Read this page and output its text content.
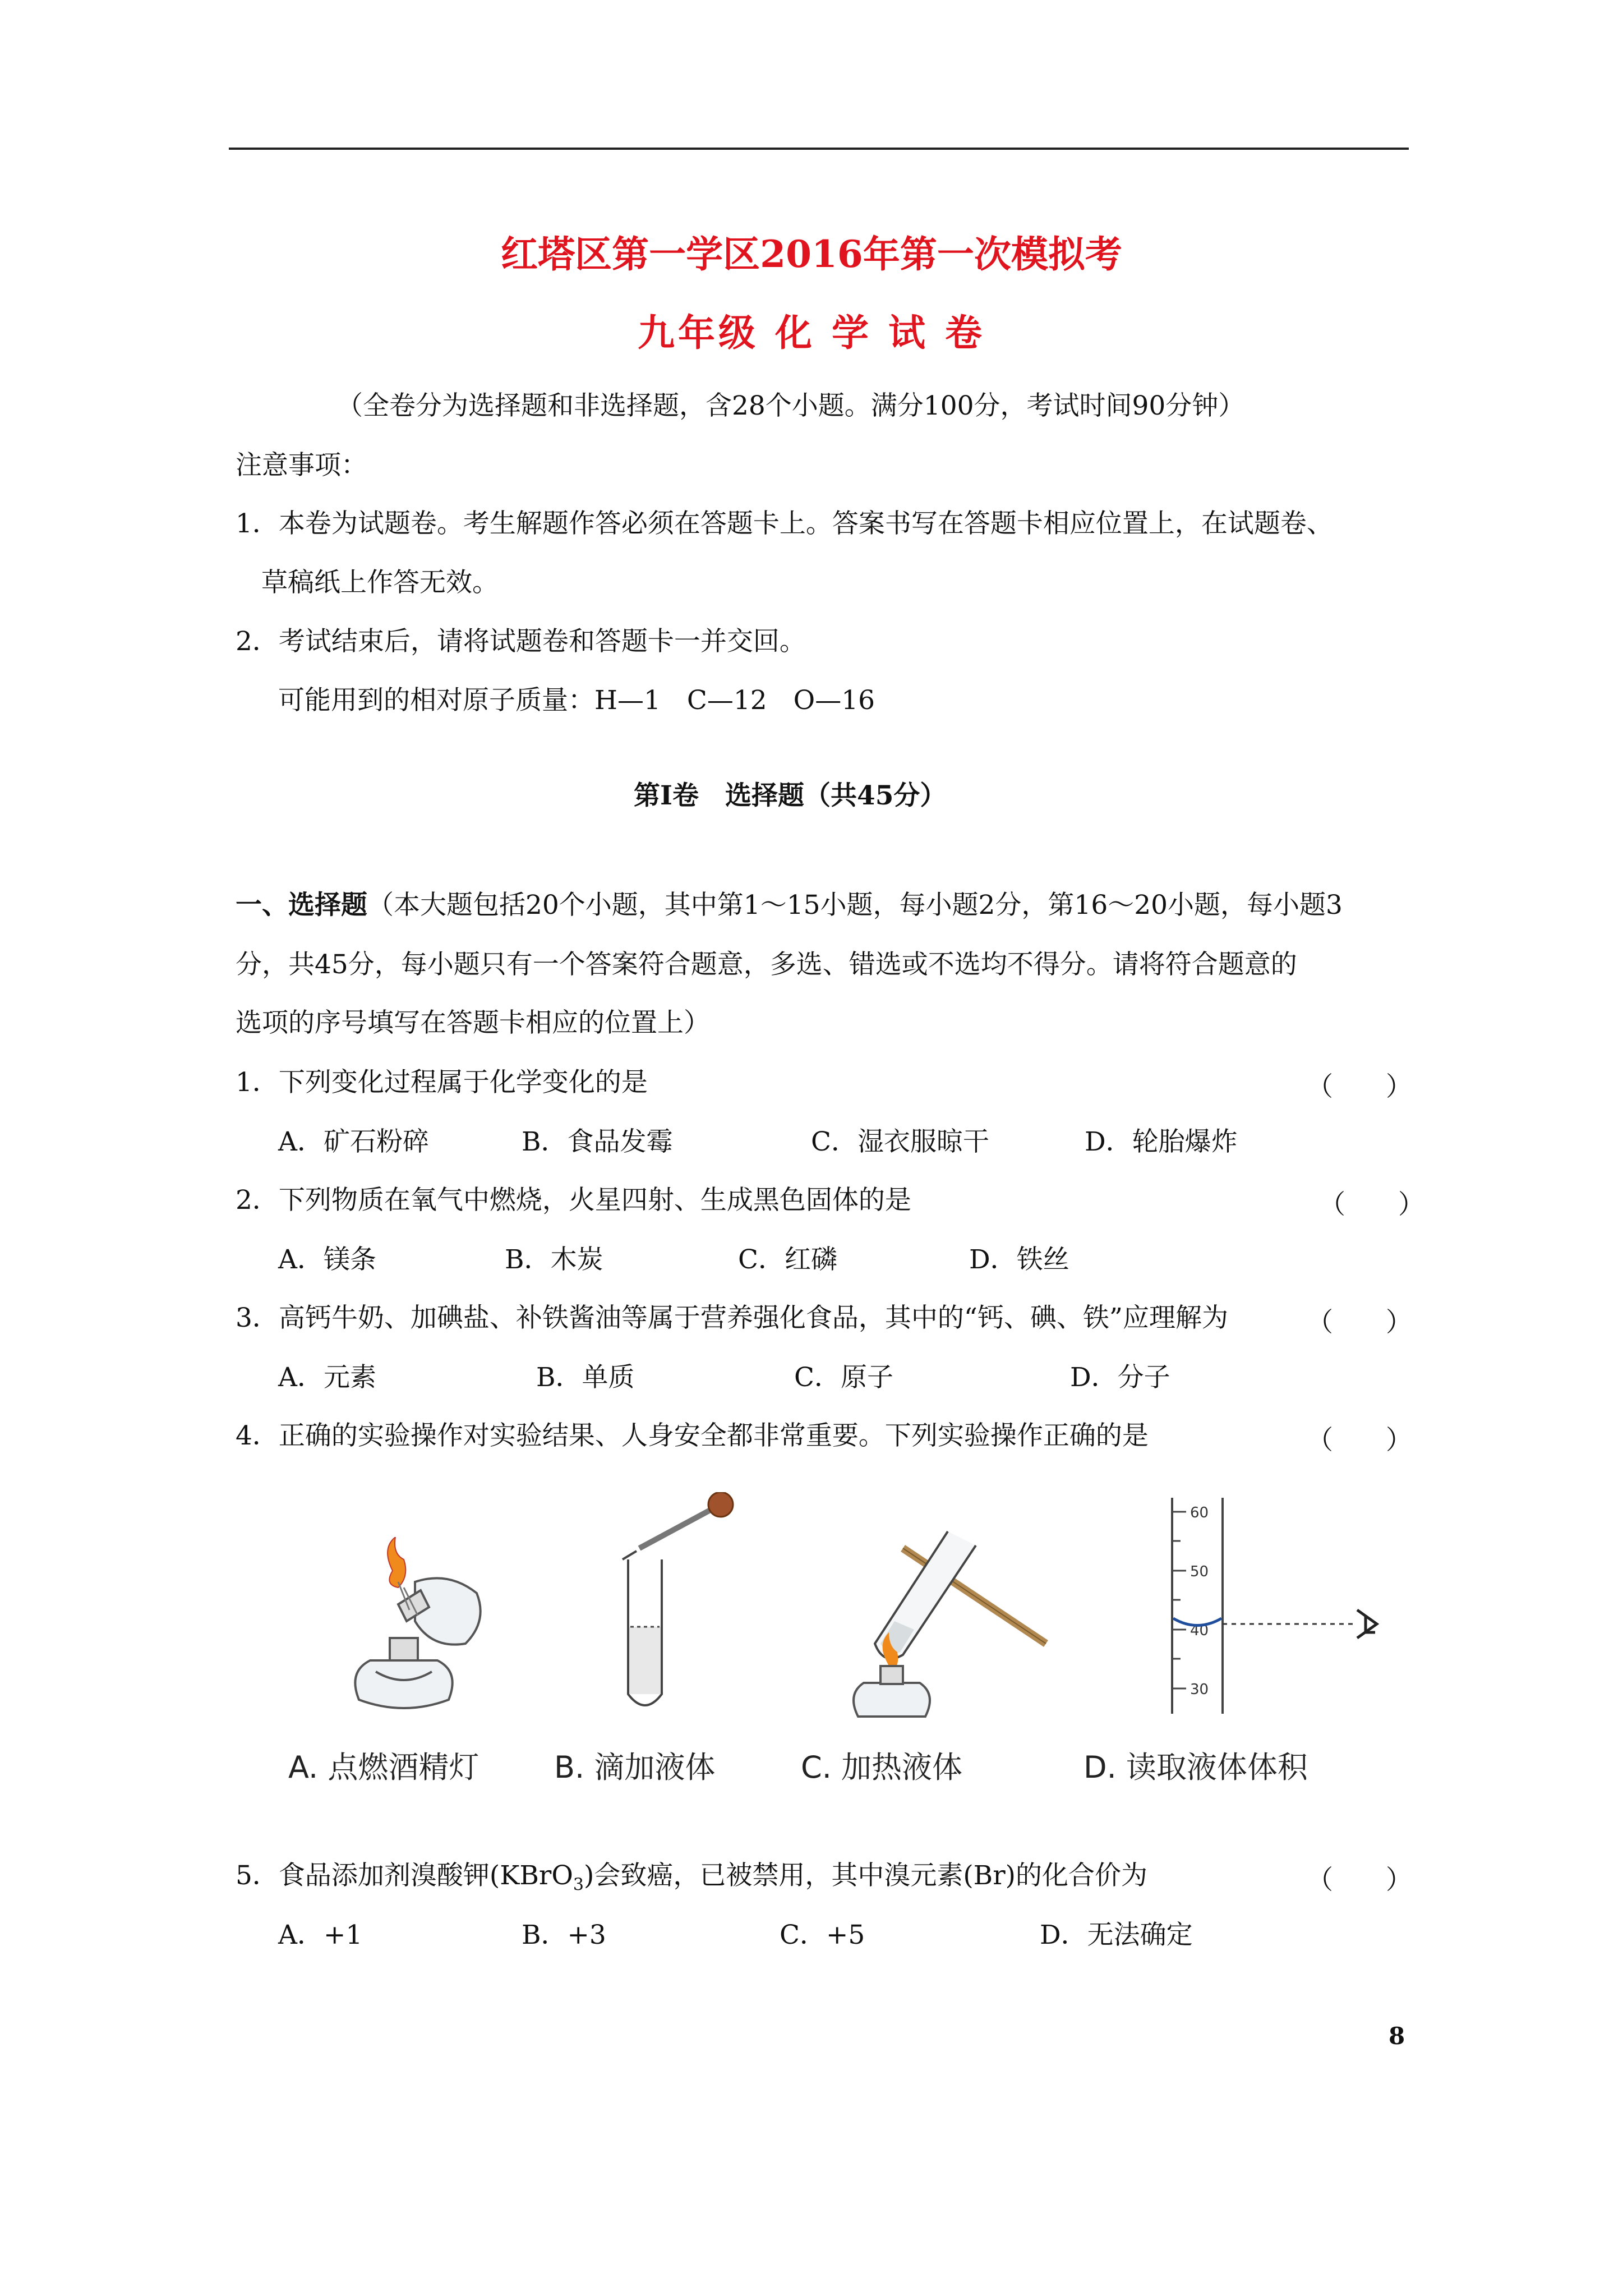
红塔区第一学区2016年第一次模拟考
九年级 化 学 试 卷
（全卷分为选择题和非选择题，含28个小题。满分100分，考试时间90分钟）
注意事项：
1．本卷为试题卷。考生解题作答必须在答题卡上。答案书写在答题卡相应位置上，在试题卷、
草稿纸上作答无效。
2．考试结束后，请将试题卷和答题卡一并交回。
可能用到的相对原子质量：H—1　C—12　O—16
第Ⅰ卷　选择题（共45分）
一、选择题（本大题包括20个小题，其中第1～15小题，每小题2分，第16～20小题，每小题3
分，共45分，每小题只有一个答案符合题意，多选、错选或不选均不得分。请将符合题意的
选项的序号填写在答题卡相应的位置上）
1．下列变化过程属于化学变化的是	（　　）
A．矿石粉碎	B．食品发霉	C．湿衣服晾干	D．轮胎爆炸
2．下列物质在氧气中燃烧，火星四射、生成黑色固体的是	（　　）
A．镁条	B．木炭	C．红磷	D．铁丝
3．高钙牛奶、加碘盐、补铁酱油等属于营养强化食品，其中的“钙、碘、铁”应理解为	（　　）
A．元素	B．单质	C．原子	D．分子
4．正确的实验操作对实验结果、人身安全都非常重要。下列实验操作正确的是	（　　）
60
50
40
30
A. 点燃酒精灯 B. 滴加液体	C. 加热液体	D. 读取液体体积
5．食品添加剂溴酸钾(KBrO$_3$)会致癌，已被禁用，其中溴元素(Br)的化合价为	（　　）
A．+1	B．+3	C．+5	D．无法确定
8
